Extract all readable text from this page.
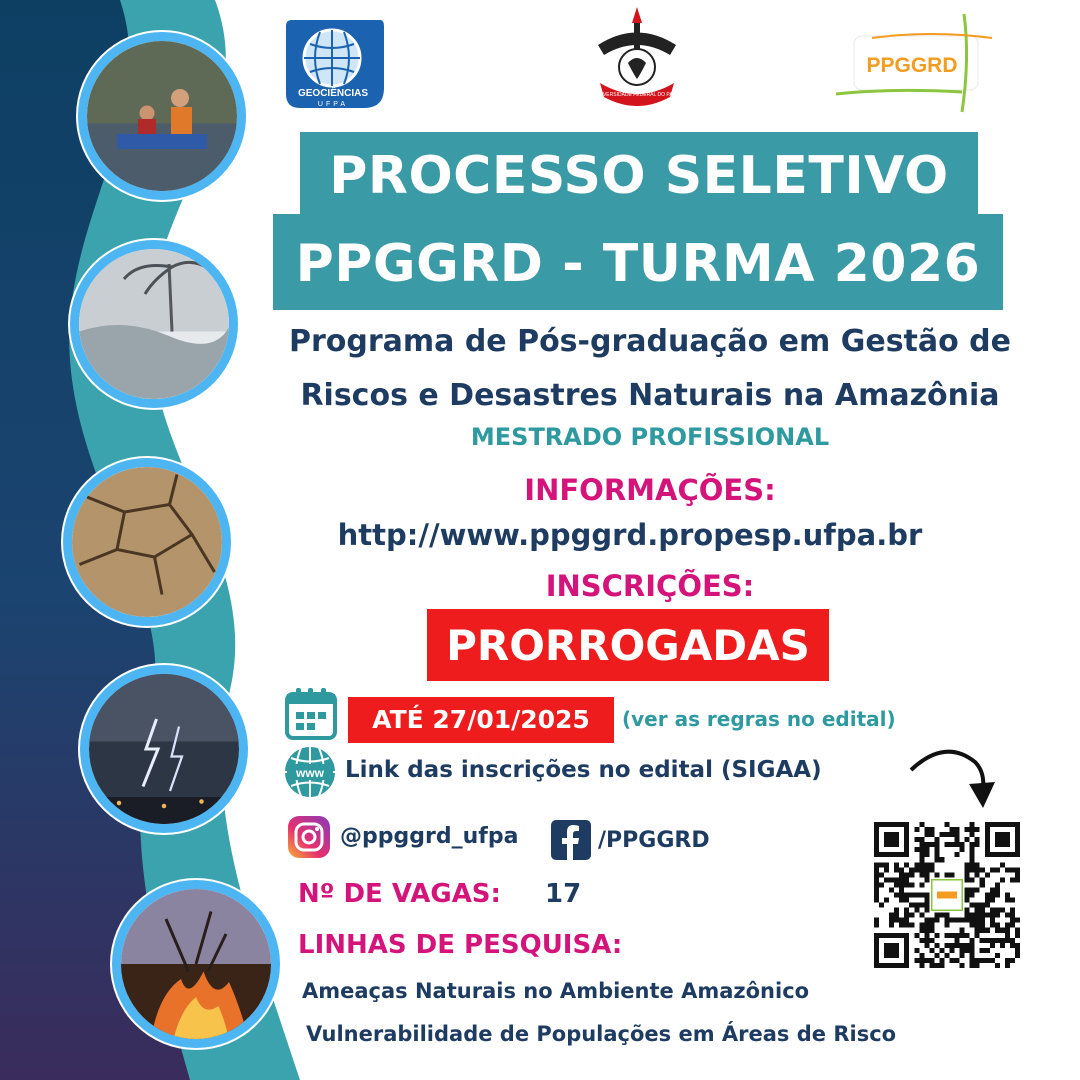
GEOCIÊNCIAS
UFPA
UNIVERSIDADE FEDERAL DO PARÁ
PPGGRD
PROCESSO SELETIVO
PPGGRD - TURMA 2026
Programa de Pós-graduação em Gestão de
Riscos e Desastres Naturais na Amazônia
MESTRADO PROFISSIONAL
INFORMAÇÕES:
http://www.ppggrd.propesp.ufpa.br
INSCRIÇÕES:
PRORROGADAS
ATÉ 27/01/2025	(ver as regras no edital)
www Link das inscrições no edital (SIGAA)
@ppggrd_ufpa	/PPGGRD
Nº DE VAGAS: 17
LINHAS DE PESQUISA:
Ameaças Naturais no Ambiente Amazônico
Vulnerabilidade de Populações em Áreas de Risco
